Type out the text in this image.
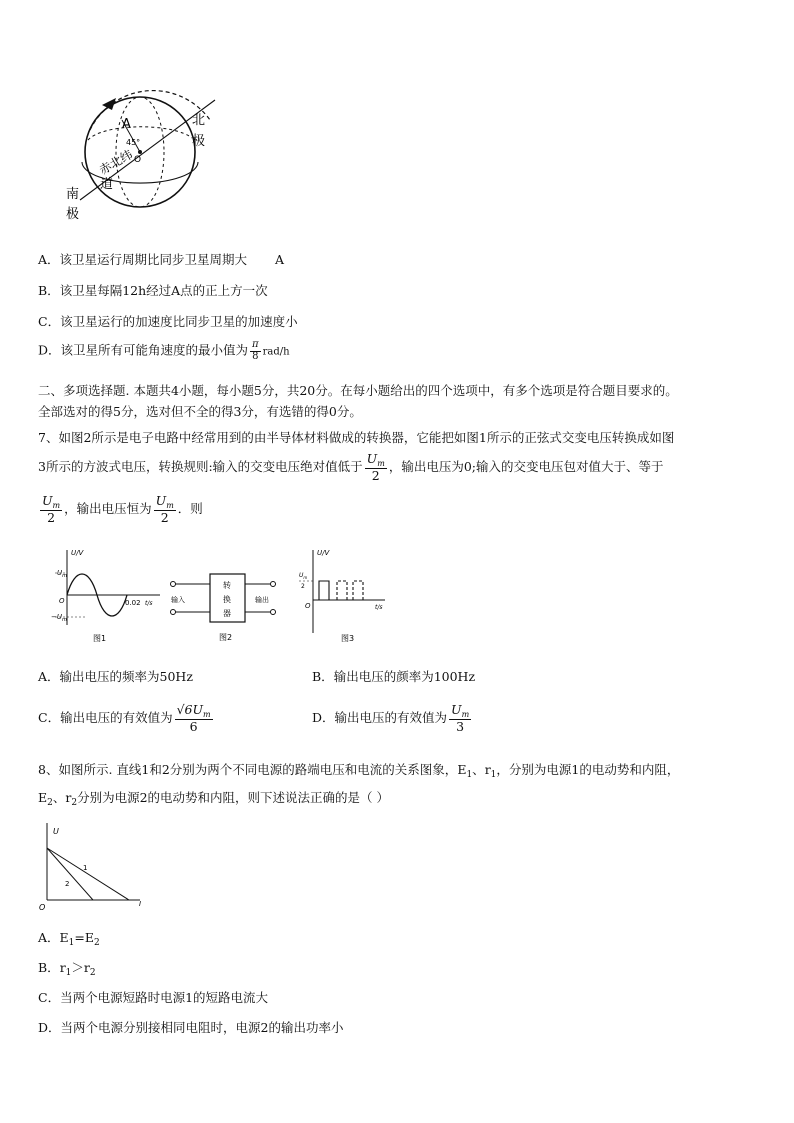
A	北
极
赤北纬
45°
O
道
南
极
A．该卫星运行周期比同步卫星周期大 A
B．该卫星每隔12h经过A点的正上方一次
C．该卫星运行的加速度比同步卫星的加速度小
D．该卫星所有可能角速度的最小值为 $\frac{\pi}{8} rad/h$
二、多项选择题. 本题共4小题，每小题5分，共20分。在每小题给出的四个选项中，有多个选项是符合题目要求的。
全部选对的得5分，选对但不全的得3分，有选错的得0分。
7、如图2所示是电子电路中经常用到的由半导体材料做成的转换器，它能把如图1所示的正弦式交变电压转换成如图
3所示的方波式电压，转换规则:输入的交变电压绝对值低于 $\frac{U_m}{2}$ ，输出电压为0;输入的交变电压包对值大于、等于
$\frac{U_m}{2}$ ，输出电压恒为 $\frac{U_m}{2}$ ．则
U/V
$U_m$
$-U_m$
O	0.02 t/s
图1
转
换
器
输入	输出
图2
U/V
$U_m$
2
O	t/s
图3
A．输出电压的频率为50Hz	B．输出电压的颜率为100Hz
C．输出电压的有效值为 $\frac{√6U_m}{6}$	D．输出电压的有效值为 $\frac{U_m}{3}$
8、如图所示. 直线1和2分别为两个不同电源的路端电压和电流的关系图象，$E_1$、$r_1$，分别为电源1的电动势和内阻，
$E_2$、$r_2$分别为电源2的电动势和内阻，则下述说法正确的是（ ）
U
O	I
1
2
A．$E_1=E_2$
B．$r_1>r_2$
C．当两个电源短路时电源1的短路电流大
D．当两个电源分别接相同电阻时，电源2的输出功率小
